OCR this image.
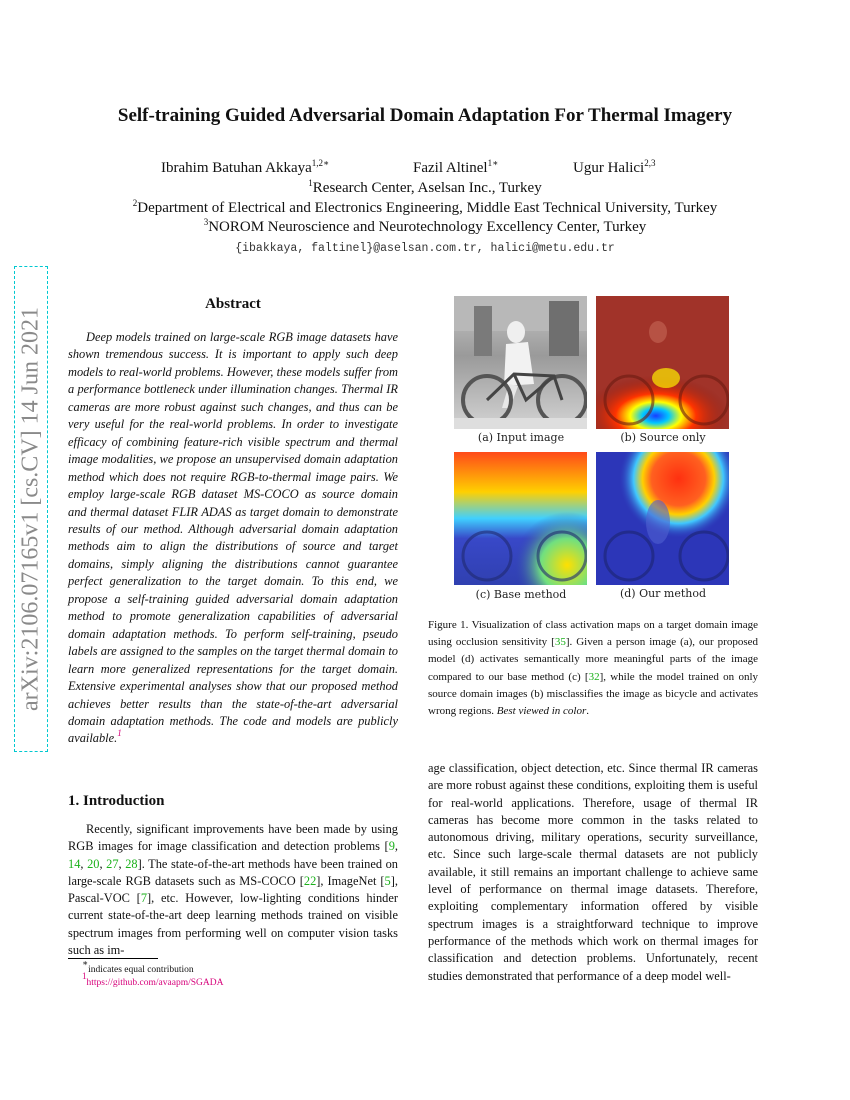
Self-training Guided Adversarial Domain Adaptation For Thermal Imagery
Ibrahim Batuhan Akkaya$^{1,2∗}$	Fazil Altinel$^{1∗}$	Ugur Halici$^{2,3}$
$^1$Research Center, Aselsan Inc., Turkey
$^2$Department of Electrical and Electronics Engineering, Middle East Technical University, Turkey
$^3$NOROM Neuroscience and Neurotechnology Excellency Center, Turkey
{ibakkaya, faltinel}@aselsan.com.tr, halici@metu.edu.tr
arXiv:2106.07165v1 [cs.CV] 14 Jun 2021
Abstract

Deep models trained on large-scale RGB image datasets have shown tremendous success. It is important to apply such deep models to real-world problems. However, these models suffer from a performance bottleneck under illumination changes. Thermal IR cameras are more robust against such changes, and thus can be very useful for the real-world problems. In order to investigate efficacy of combining feature-rich visible spectrum and thermal image modalities, we propose an unsupervised domain adaptation method which does not require RGB-to-thermal image pairs. We employ large-scale RGB dataset MS-COCO as source domain and thermal dataset FLIR ADAS as target domain to demonstrate results of our method. Although adversarial domain adaptation methods aim to align the distributions of source and target domains, simply aligning the distributions cannot guarantee perfect generalization to the target domain. To this end, we propose a self-training guided adversarial domain adaptation method to promote generalization capabilities of adversarial domain adaptation methods. To perform self-training, pseudo labels are assigned to the samples on the target thermal domain to learn more generalized representations for the target domain. Extensive experimental analyses show that our proposed method achieves better results than the state-of-the-art adversarial domain adaptation methods. The code and models are publicly available.$^1$

1. Introduction

Recently, significant improvements have been made by using RGB images for image classification and detection problems [9, 14, 20, 27, 28]. The state-of-the-art methods have been trained on large-scale RGB datasets such as MS-COCO [22], ImageNet [5], Pascal-VOC [7], etc. However, low-lighting conditions hinder current state-of-the-art deep learning methods trained on visible spectrum images from performing well on computer vision tasks such as im-

∗indicates equal contribution
$^1$https://github.com/avaapm/SGADA
(a) Input image	(b) Source only
(c) Base method	(d) Our method

Figure 1. Visualization of class activation maps on a target domain image using occlusion sensitivity [35]. Given a person image (a), our proposed model (d) activates semantically more meaningful parts of the image compared to our base method (c) [32], while the model trained on only source domain images (b) misclassifies the image as bicycle and activates wrong regions. Best viewed in color.

age classification, object detection, etc. Since thermal IR cameras are more robust against these conditions, exploiting them is useful for real-world applications. Therefore, usage of thermal IR cameras has become more common in the tasks related to autonomous driving, military operations, security surveillance, etc. Since such large-scale thermal datasets are not publicly available, it still remains an important challenge to achieve same level of performance on thermal image datasets. Therefore, exploiting complementary information offered by visible spectrum images is a straightforward technique to improve performance of the methods which work on thermal images for classification and detection problems. Unfortunately, recent studies demonstrated that performance of a deep model well-
